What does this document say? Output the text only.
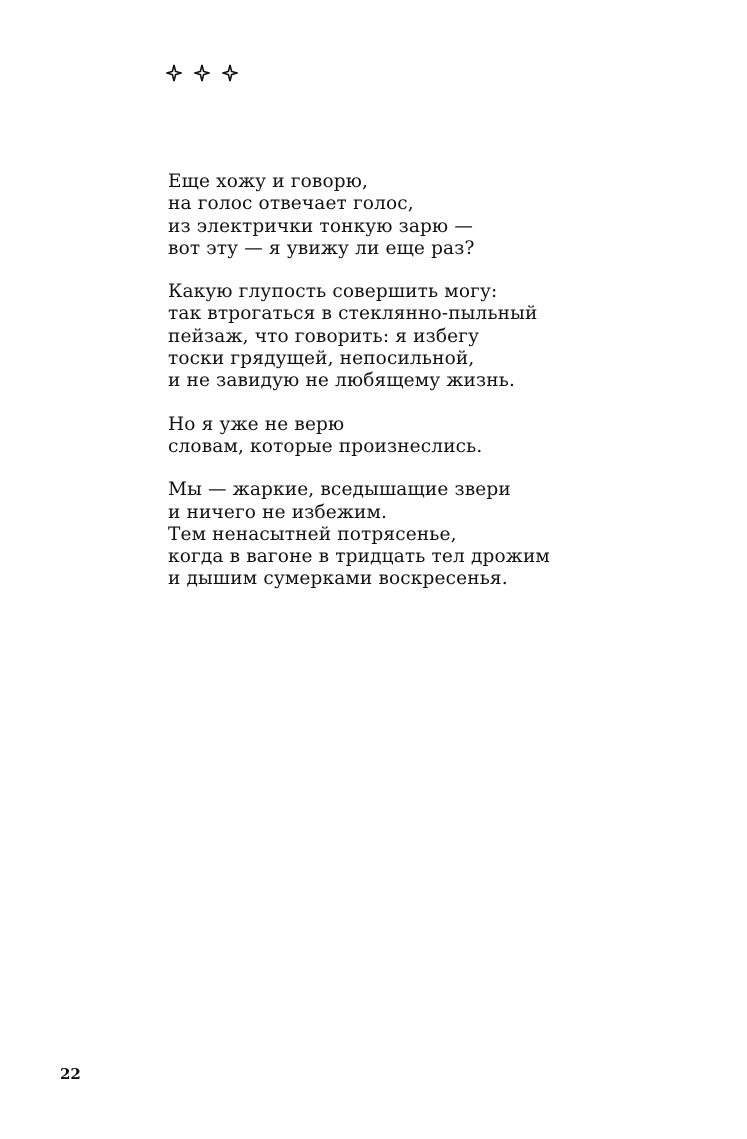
Еще хожу и говорю,
на голос отвечает голос,
из электрички тонкую зарю —
вот эту — я увижу ли еще раз?
Какую глупость совершить могу:
так втрогаться в стеклянно-пыльный
пейзаж, что говорить: я избегу
тоски грядущей, непосильной,
и не завидую не любящему жизнь.
Но я уже не верю
словам, которые произнеслись.
Мы — жаркие, вседышащие звери
и ничего не избежим.
Тем ненасытней потрясенье,
когда в вагоне в тридцать тел дрожим
и дышим сумерками воскресенья.
22
